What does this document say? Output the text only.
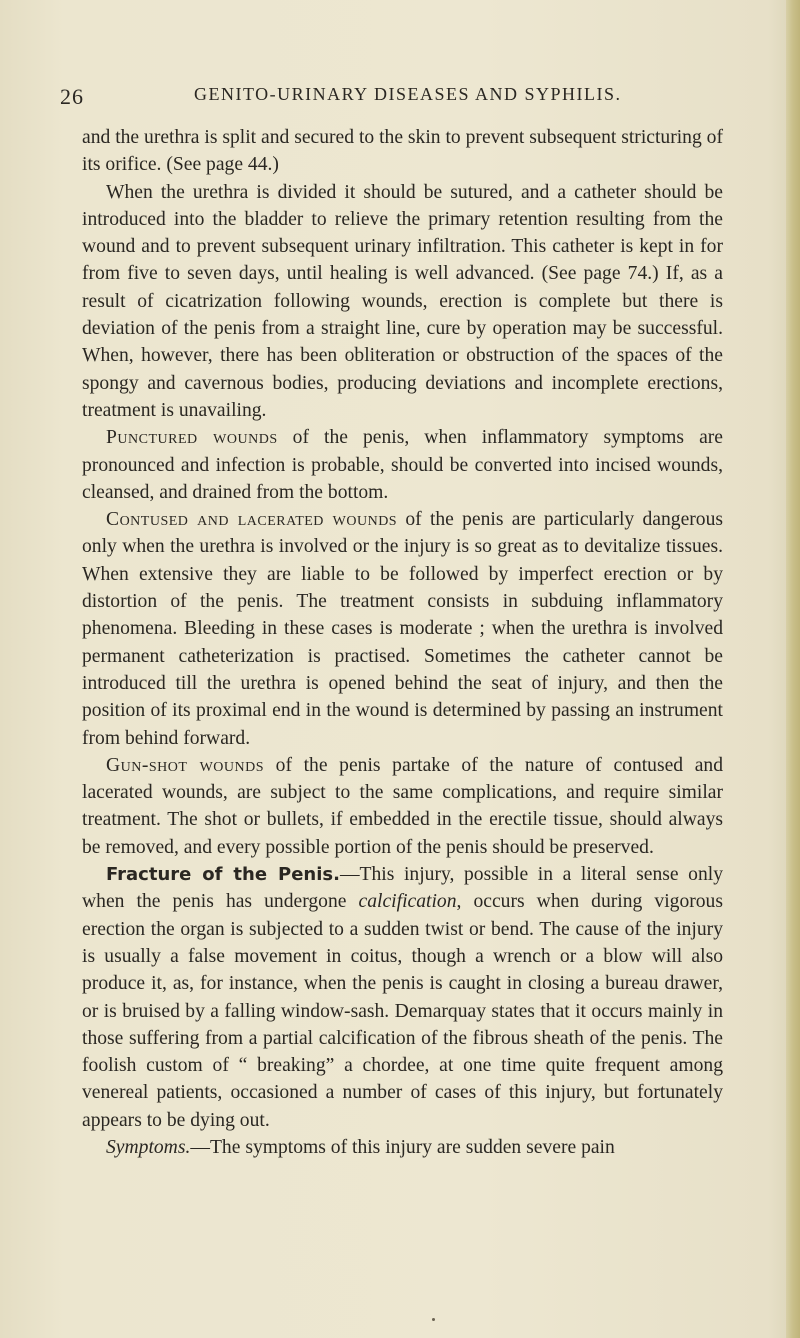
26	GENITO-URINARY DISEASES AND SYPHILIS.

and the urethra is split and secured to the skin to prevent subsequent stricturing of its orifice. (See page 44.)

When the urethra is divided it should be sutured, and a catheter should be introduced into the bladder to relieve the primary retention resulting from the wound and to prevent subsequent urinary infiltration. This catheter is kept in for from five to seven days, until healing is well advanced. (See page 74.) If, as a result of cicatrization following wounds, erection is complete but there is deviation of the penis from a straight line, cure by operation may be successful. When, however, there has been obliteration or obstruction of the spaces of the spongy and cavernous bodies, producing deviations and incomplete erections, treatment is unavailing.

Punctured wounds of the penis, when inflammatory symptoms are pronounced and infection is probable, should be converted into incised wounds, cleansed, and drained from the bottom.

Contused and lacerated wounds of the penis are particularly dangerous only when the urethra is involved or the injury is so great as to devitalize tissues. When extensive they are liable to be followed by imperfect erection or by distortion of the penis. The treatment consists in subduing inflammatory phenomena. Bleeding in these cases is moderate ; when the urethra is involved permanent catheterization is practised. Sometimes the catheter cannot be introduced till the urethra is opened behind the seat of injury, and then the position of its proximal end in the wound is determined by passing an instrument from behind forward.

Gun-shot wounds of the penis partake of the nature of contused and lacerated wounds, are subject to the same complications, and require similar treatment. The shot or bullets, if embedded in the erectile tissue, should always be removed, and every possible portion of the penis should be preserved.

Fracture of the Penis.—This injury, possible in a literal sense only when the penis has undergone calcification, occurs when during vigorous erection the organ is subjected to a sudden twist or bend. The cause of the injury is usually a false movement in coitus, though a wrench or a blow will also produce it, as, for instance, when the penis is caught in closing a bureau drawer, or is bruised by a falling window-sash. Demarquay states that it occurs mainly in those suffering from a partial calcification of the fibrous sheath of the penis. The foolish custom of “ breaking” a chordee, at one time quite frequent among venereal patients, occasioned a number of cases of this injury, but fortunately appears to be dying out.

Symptoms.—The symptoms of this injury are sudden severe pain
